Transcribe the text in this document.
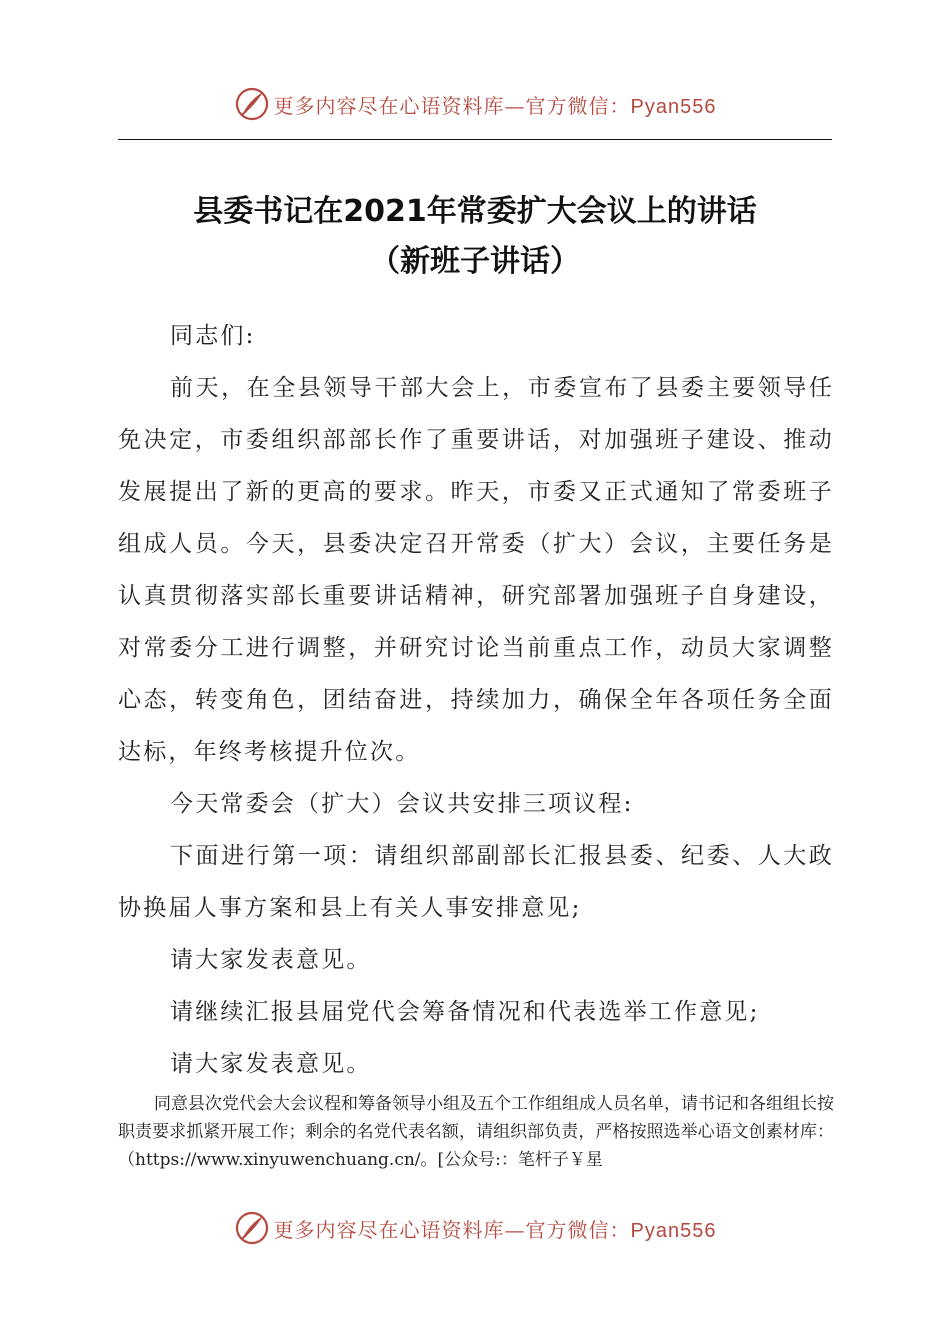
更多内容尽在心语资料库—官方微信：Pyan556
县委书记在2021年常委扩大会议上的讲话
（新班子讲话）

同志们:

前天，在全县领导干部大会上，市委宣布了县委主要领导任免决定，市委组织部部长作了重要讲话，对加强班子建设、推动发展提出了新的更高的要求。昨天，市委又正式通知了常委班子组成人员。今天，县委决定召开常委（扩大）会议，主要任务是认真贯彻落实部长重要讲话精神，研究部署加强班子自身建设，对常委分工进行调整，并研究讨论当前重点工作，动员大家调整心态，转变角色，团结奋进，持续加力，确保全年各项任务全面达标，年终考核提升位次。

今天常委会（扩大）会议共安排三项议程:

下面进行第一项：请组织部副部长汇报县委、纪委、人大政协换届人事方案和县上有关人事安排意见;

请大家发表意见。

请继续汇报县届党代会筹备情况和代表选举工作意见;

请大家发表意见。

同意县次党代会大会议程和筹备领导小组及五个工作组组成人员名单，请书记和各组组长按职责要求抓紧开展工作；剩余的名党代表名额，请组织部负责，严格按照选举心语文创素材库：（https://www.xinyuwenchuang.cn/。[公众号:：笔杆子￥星

更多内容尽在心语资料库—官方微信：Pyan556
